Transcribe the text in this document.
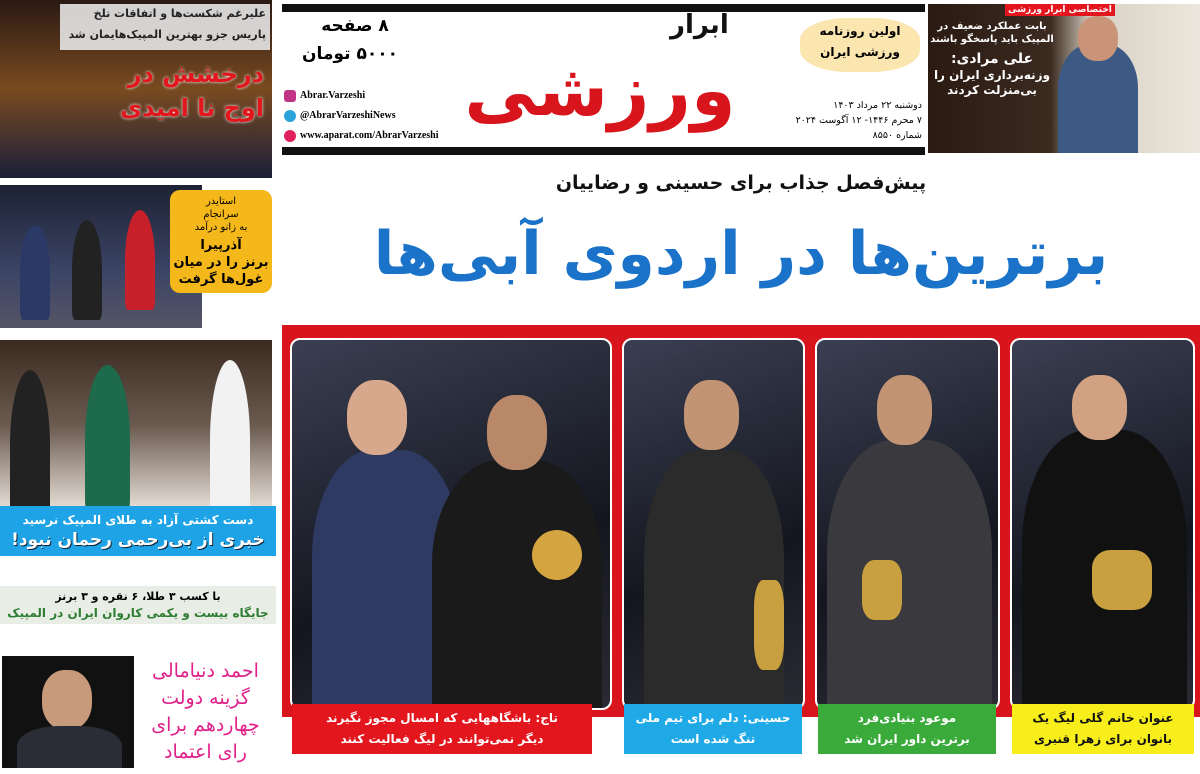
علیرغم شکست‌ها و اتفاقات تلخ
پاریس جزو بهترین المپیک‌هایمان شد
درخشش در
اوج نا امیدی
استایدر
سرانجام
به زانو درآمد
آذرپیرا
برنز را در میان
غول‌ها گرفت
دست کشتی آزاد به طلای المپیک نرسید
خبری از بی‌رحمی رحمان نبود!
با کسب ۳ طلا، ۶ نقره و ۳ برنز
جایگاه بیست و یکمی کاروان ایران در المپیک
احمد دنیامالی
گزینه دولت
چهاردهم برای
رای اعتماد
۸ صفحه
۵۰۰۰ تومان
Abrar.Varzeshi
@AbrarVarzeshiNews
www.aparat.com/AbrarVarzeshi
ابرار
ورزشی
اولین روزنامه
ورزشی ایران
دوشنبه ۲۲ مرداد ۱۴۰۳
۷ محرم ۱۴۴۶- ۱۲ آگوست ۲۰۲۴
شماره ۸۵۵۰
اختصاصی ابرار ورزشی
بابت عملکرد ضعیف در المپیک باید پاسخگو باشند
علی مرادی:
وزنه‌برداری ایران را بی‌منزلت کردند
پیش‌فصل جذاب برای حسینی و رضاییان
برترین‌ها در اردوی آبی‌ها
تاج: باشگاههایی که امسال مجوز نگیرند
دیگر نمی‌توانند در لیگ فعالیت کنند
حسینی: دلم برای تیم ملی
تنگ شده است
موعود بنیادی‌فرد
برترین داور ایران شد
عنوان خانم گلی لیگ یک
بانوان برای زهرا قنبری
